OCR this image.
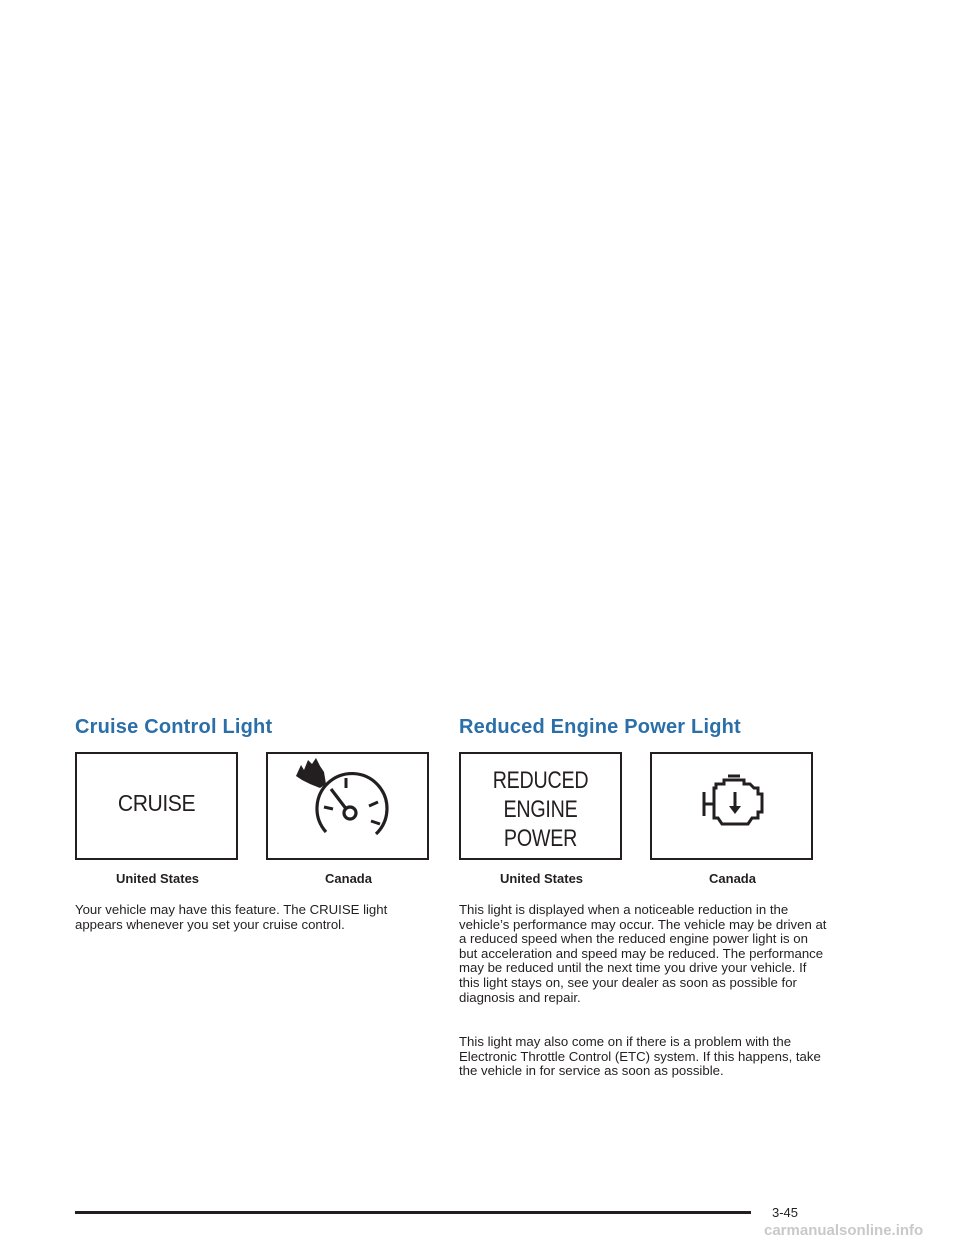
Cruise Control Light
CRUISE
United States	Canada

Your vehicle may have this feature. The CRUISE light appears whenever you set your cruise control.

Reduced Engine Power Light
REDUCED
ENGINE
POWER
United States	Canada

This light is displayed when a noticeable reduction in the vehicle’s performance may occur. The vehicle may be driven at a reduced speed when the reduced engine power light is on but acceleration and speed may be reduced. The performance may be reduced until the next time you drive your vehicle. If this light stays on, see your dealer as soon as possible for diagnosis and repair.

This light may also come on if there is a problem with the Electronic Throttle Control (ETC) system. If this happens, take the vehicle in for service as soon as possible.

3-45
carmanualsonline.info
